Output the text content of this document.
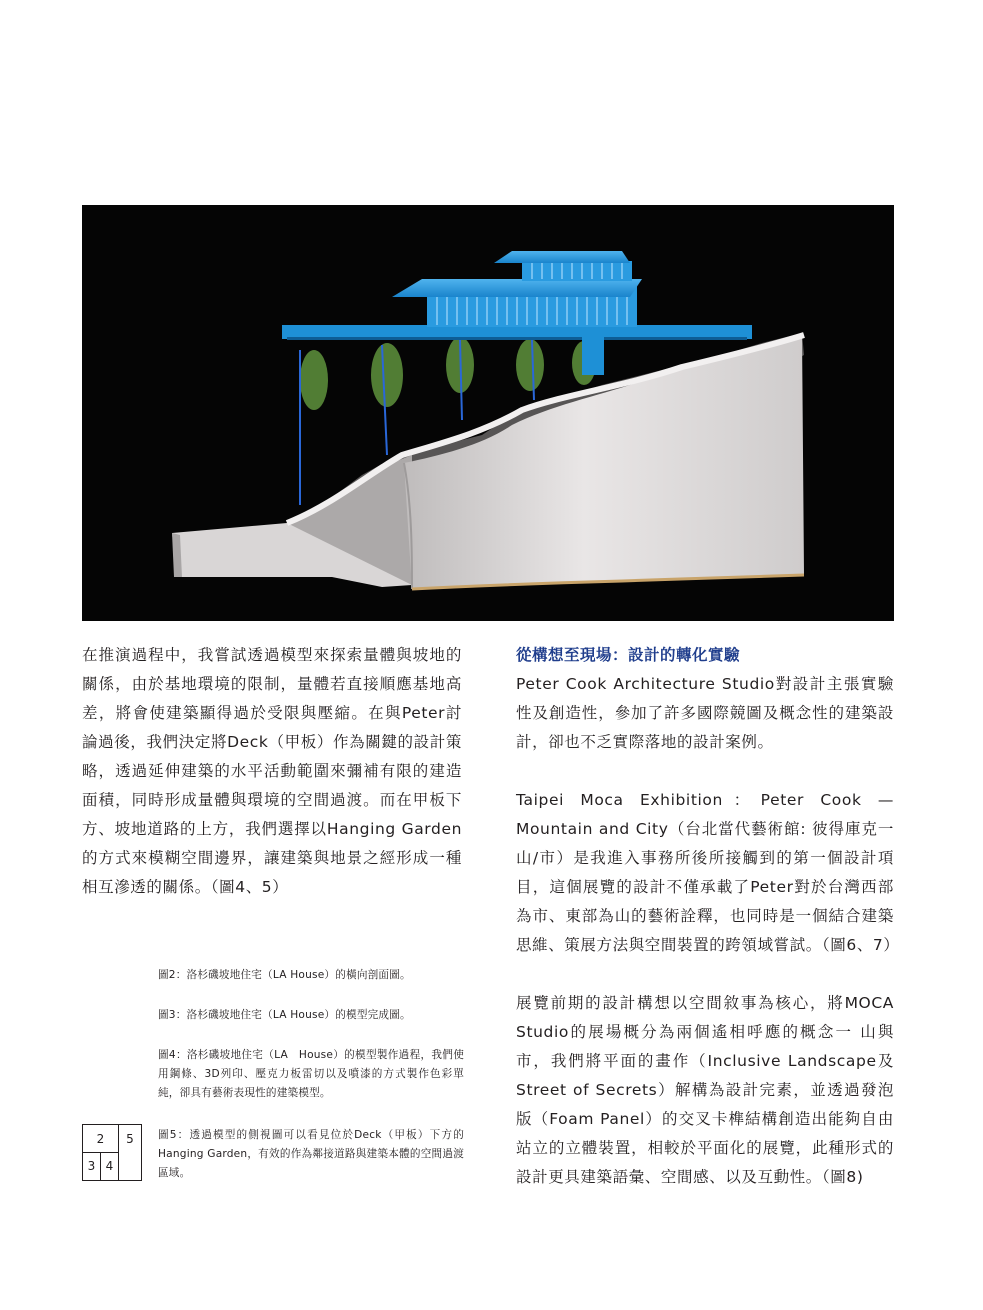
在推演過程中，我嘗試透過模型來探索量體與坡地的關係，由於基地環境的限制，量體若直接順應基地高差，將會使建築顯得過於受限與壓縮。在與Peter討論過後，我們決定將Deck（甲板）作為關鍵的設計策略，透過延伸建築的水平活動範圍來彌補有限的建造面積，同時形成量體與環境的空間過渡。而在甲板下方、坡地道路的上方，我們選擇以Hanging Garden的方式來模糊空間邊界，讓建築與地景之經形成一種相互滲透的關係。（圖4、5）

圖2：洛杉磯坡地住宅（LA House）的橫向剖面圖。

圖3：洛杉磯坡地住宅（LA House）的模型完成圖。

圖4：洛杉磯坡地住宅（LA　House）的模型製作過程，我們使用鋼條、3D列印、壓克力板雷切以及噴漆的方式製作色彩單純，卻具有藝術表現性的建築模型。

圖5：透過模型的側視圖可以看見位於Deck（甲板）下方的Hanging Garden，有效的作為鄰接道路與建築本體的空間過渡區域。

2	5
3 4

從構想至現場：設計的轉化實驗

Peter Cook Architecture Studio對設計主張實驗性及創造性，參加了許多國際競圖及概念性的建築設計，卻也不乏實際落地的設計案例。

Taipei Moca Exhibition：Peter Cook — Mountain and City（台北當代藝術館: 彼得庫克一山/市）是我進入事務所後所接觸到的第一個設計項目，這個展覽的設計不僅承載了Peter對於台灣西部為市、東部為山的藝術詮釋，也同時是一個結合建築思維、策展方法與空間裝置的跨領域嘗試。（圖6、7）

展覽前期的設計構想以空間敘事為核心，將MOCA Studio的展場概分為兩個遙相呼應的概念一 山與市，我們將平面的畫作（Inclusive Landscape及Street of Secrets）解構為設計完素，並透過發泡版（Foam Panel）的交叉卡榫結構創造出能夠自由站立的立體裝置，相較於平面化的展覽，此種形式的設計更具建築語彙、空間感、以及互動性。（圖8)
